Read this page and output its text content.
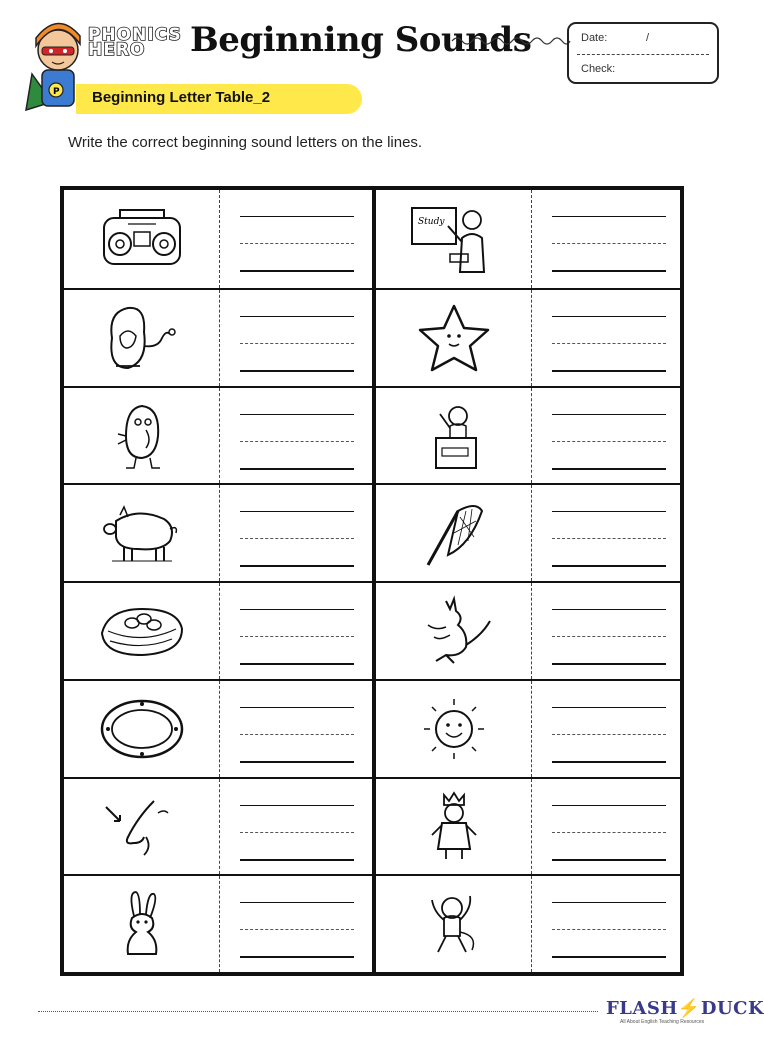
P
PHONICS
HERO	Beginning Sounds	Date:	/
Check:
Beginning Letter Table_2
Write the correct beginning sound letters on the lines.
Study
FLASH⚡DUCK
All About English Teaching Resources
